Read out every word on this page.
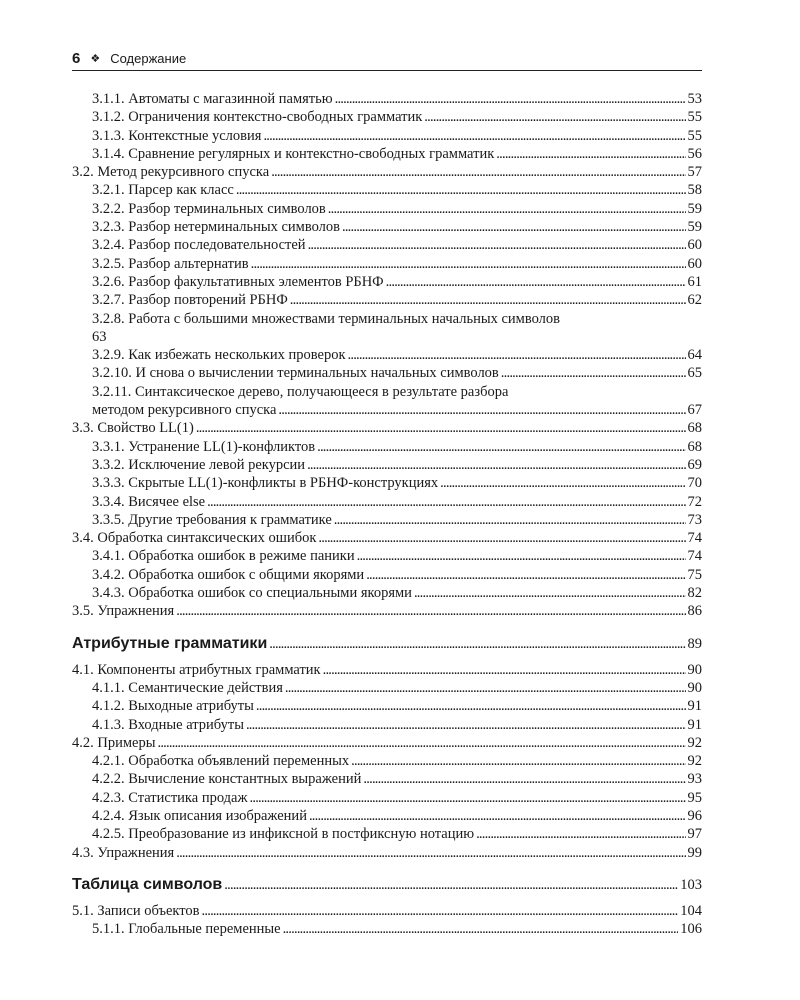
6 ❖ Содержание
3.1.1. Автоматы с магазинной памятью . . .	53
3.1.2. Ограничения контекстно-свободных грамматик . . .	55
3.1.3. Контекстные условия . . .	55
3.1.4. Сравнение регулярных и контекстно-свободных грамматик . . .	56
3.2. Метод рекурсивного спуска . . .	57
3.2.1. Парсер как класс . . .	58
3.2.2. Разбор терминальных символов . . .	59
3.2.3. Разбор нетерминальных символов . . .	59
3.2.4. Разбор последовательностей . . .	60
3.2.5. Разбор альтернатив . . .	60
3.2.6. Разбор факультативных элементов РБНФ . . .	61
3.2.7. Разбор повторений РБНФ . . .	62
3.2.8. Работа с большими множествами терминальных начальных символов
63
3.2.9. Как избежать нескольких проверок . . .	64
3.2.10. И снова о вычислении терминальных начальных символов . . .	65
3.2.11. Синтаксическое дерево, получающееся в результате разбора
методом рекурсивного спуска . . .	67
3.3. Свойство LL(1) . . .	68
3.3.1. Устранение LL(1)-конфликтов . . .	68
3.3.2. Исключение левой рекурсии . . .	69
3.3.3. Скрытые LL(1)-конфликты в РБНФ-конструкциях . . .	70
3.3.4. Висячее else . . .	72
3.3.5. Другие требования к грамматике . . .	73
3.4. Обработка синтаксических ошибок . . .	74
3.4.1. Обработка ошибок в режиме паники . . .	74
3.4.2. Обработка ошибок с общими якорями . . .	75
3.4.3. Обработка ошибок со специальными якорями . . .	82
3.5. Упражнения . . .	86
Атрибутные грамматики . . .	89
4.1. Компоненты атрибутных грамматик . . .	90
4.1.1. Семантические действия . . .	90
4.1.2. Выходные атрибуты . . .	91
4.1.3. Входные атрибуты . . .	91
4.2. Примеры . . .	92
4.2.1. Обработка объявлений переменных . . .	92
4.2.2. Вычисление константных выражений . . .	93
4.2.3. Статистика продаж . . .	95
4.2.4. Язык описания изображений . . .	96
4.2.5. Преобразование из инфиксной в постфиксную нотацию . . .	97
4.3. Упражнения . . .	99
Таблица символов . . .	103
5.1. Записи объектов . . .	104
5.1.1. Глобальные переменные . . .	106
